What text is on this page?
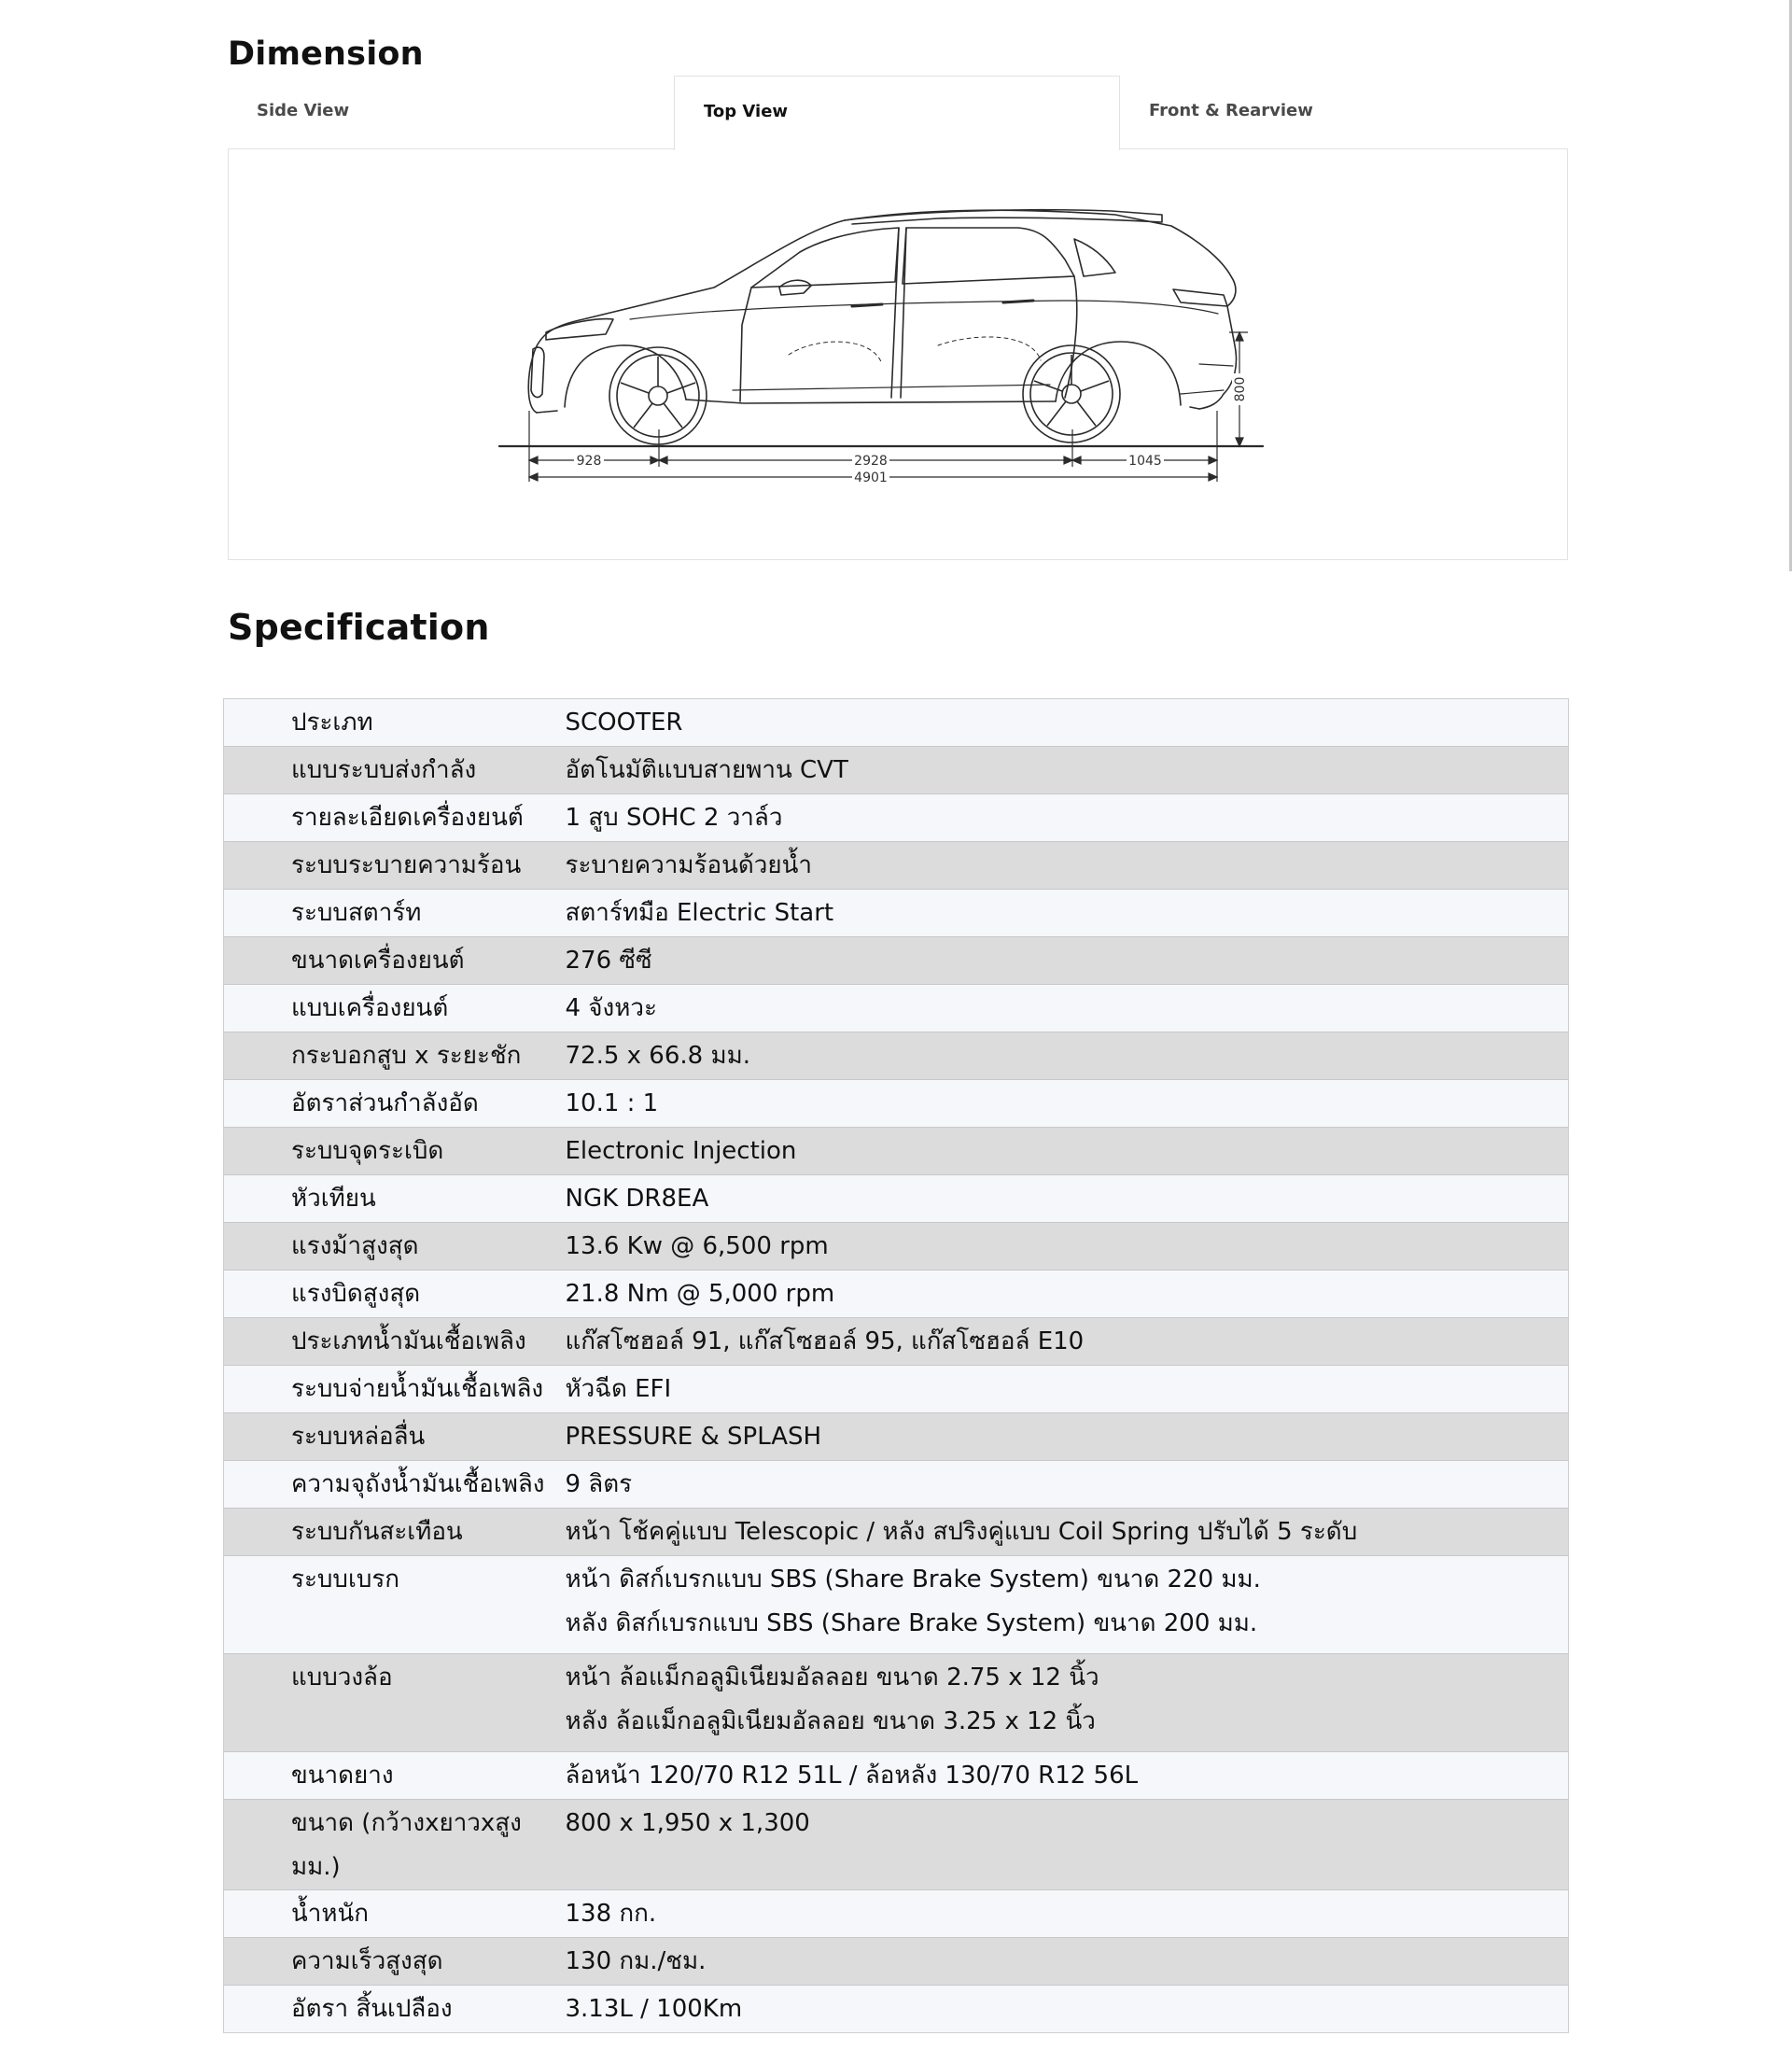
Dimension
Side View	Top View	Front & Rearview
928	2928	1045
4901
800
Specification
ประเภท	SCOOTER

แบบระบบส่งกำลัง	อัตโนมัติแบบสายพาน CVT

รายละเอียดเครื่องยนต์	1 สูบ SOHC 2 วาล์ว

ระบบระบายความร้อน	ระบายความร้อนด้วยน้ำ

ระบบสตาร์ท	สตาร์ทมือ Electric Start

ขนาดเครื่องยนต์	276 ซีซี

แบบเครื่องยนต์	4 จังหวะ

กระบอกสูบ x ระยะชัก	72.5 x 66.8 มม.

อัตราส่วนกำลังอัด	10.1 : 1

ระบบจุดระเบิด	Electronic Injection

หัวเทียน	NGK DR8EA

แรงม้าสูงสุด	13.6 Kw @ 6,500 rpm

แรงบิดสูงสุด	21.8 Nm @ 5,000 rpm

ประเภทน้ำมันเชื้อเพลิง	แก๊สโซฮอล์ 91, แก๊สโซฮอล์ 95, แก๊สโซฮอล์ E10

ระบบจ่ายน้ำมันเชื้อเพลิง	หัวฉีด EFI

ระบบหล่อลื่น	PRESSURE & SPLASH

ความจุถังน้ำมันเชื้อเพลิง	9 ลิตร

ระบบกันสะเทือน	หน้า โช้คคู่แบบ Telescopic / หลัง สปริงคู่แบบ Coil Spring ปรับได้ 5 ระดับ

ระบบเบรก	หน้า ดิสก์เบรกแบบ SBS (Share Brake System) ขนาด 220 มม.
หลัง ดิสก์เบรกแบบ SBS (Share Brake System) ขนาด 200 มม.

แบบวงล้อ	หน้า ล้อแม็กอลูมิเนียมอัลลอย ขนาด 2.75 x 12 นิ้ว
หลัง ล้อแม็กอลูมิเนียมอัลลอย ขนาด 3.25 x 12 นิ้ว

ขนาดยาง	ล้อหน้า 120/70 R12 51L / ล้อหลัง 130/70 R12 56L

ขนาด (กว้างxยาวxสูง มม.)	800 x 1,950 x 1,300

น้ำหนัก	138 กก.

ความเร็วสูงสุด	130 กม./ชม.

อัตรา สิ้นเปลือง	3.13L / 100Km
